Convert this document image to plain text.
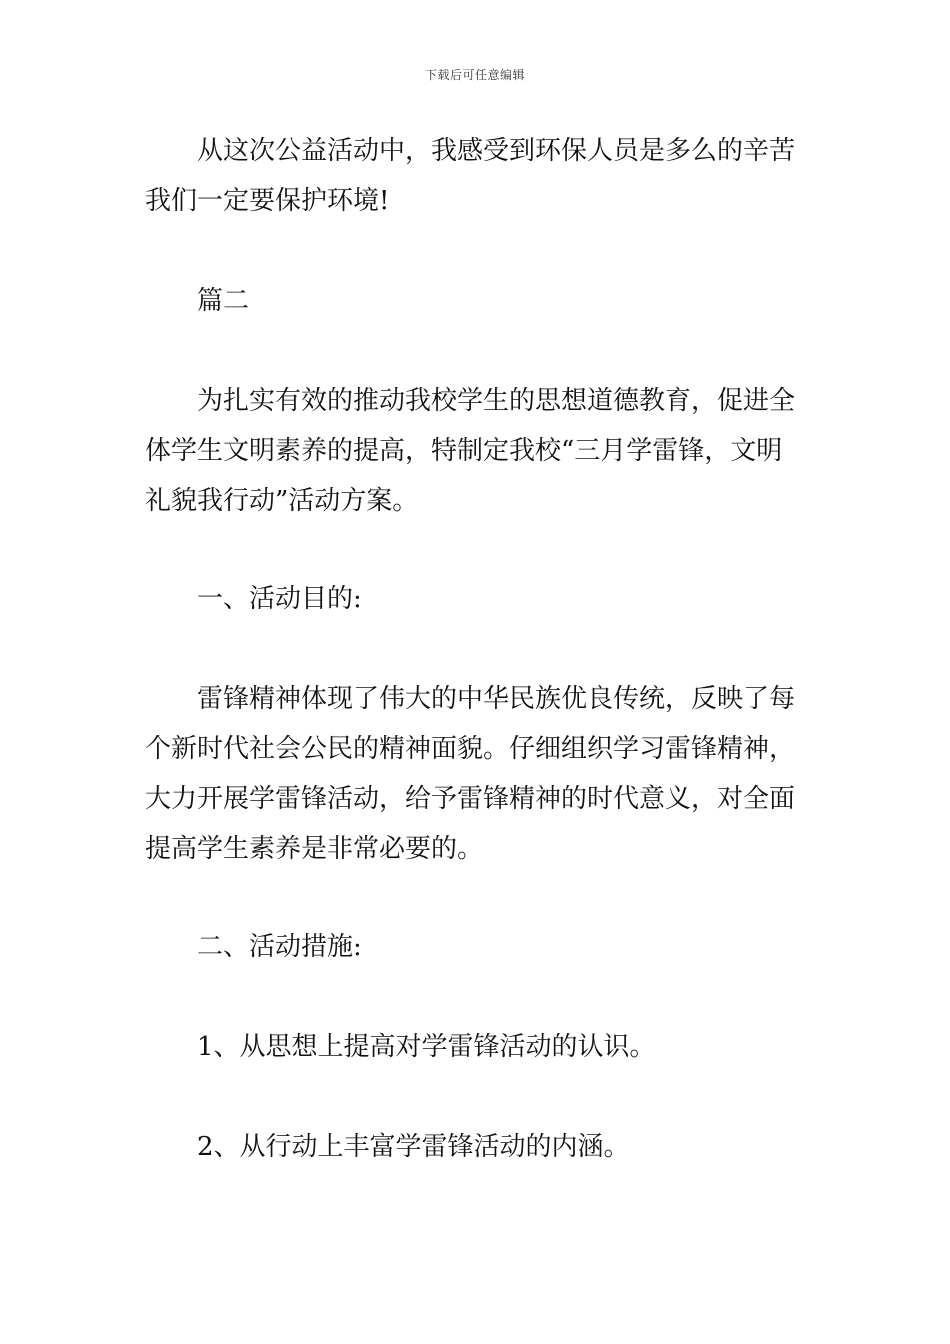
下载后可任意编辑
从这次公益活动中，我感受到环保人员是多么的辛苦
我们一定要保护环境!
篇二
为扎实有效的推动我校学生的思想道德教育，促进全
体学生文明素养的提高，特制定我校“三月学雷锋，文明
礼貌我行动”活动方案。
一、活动目的:
雷锋精神体现了伟大的中华民族优良传统，反映了每
个新时代社会公民的精神面貌。仔细组织学习雷锋精神，
大力开展学雷锋活动，给予雷锋精神的时代意义，对全面
提高学生素养是非常必要的。
二、活动措施:
1、从思想上提高对学雷锋活动的认识。
2、从行动上丰富学雷锋活动的内涵。
